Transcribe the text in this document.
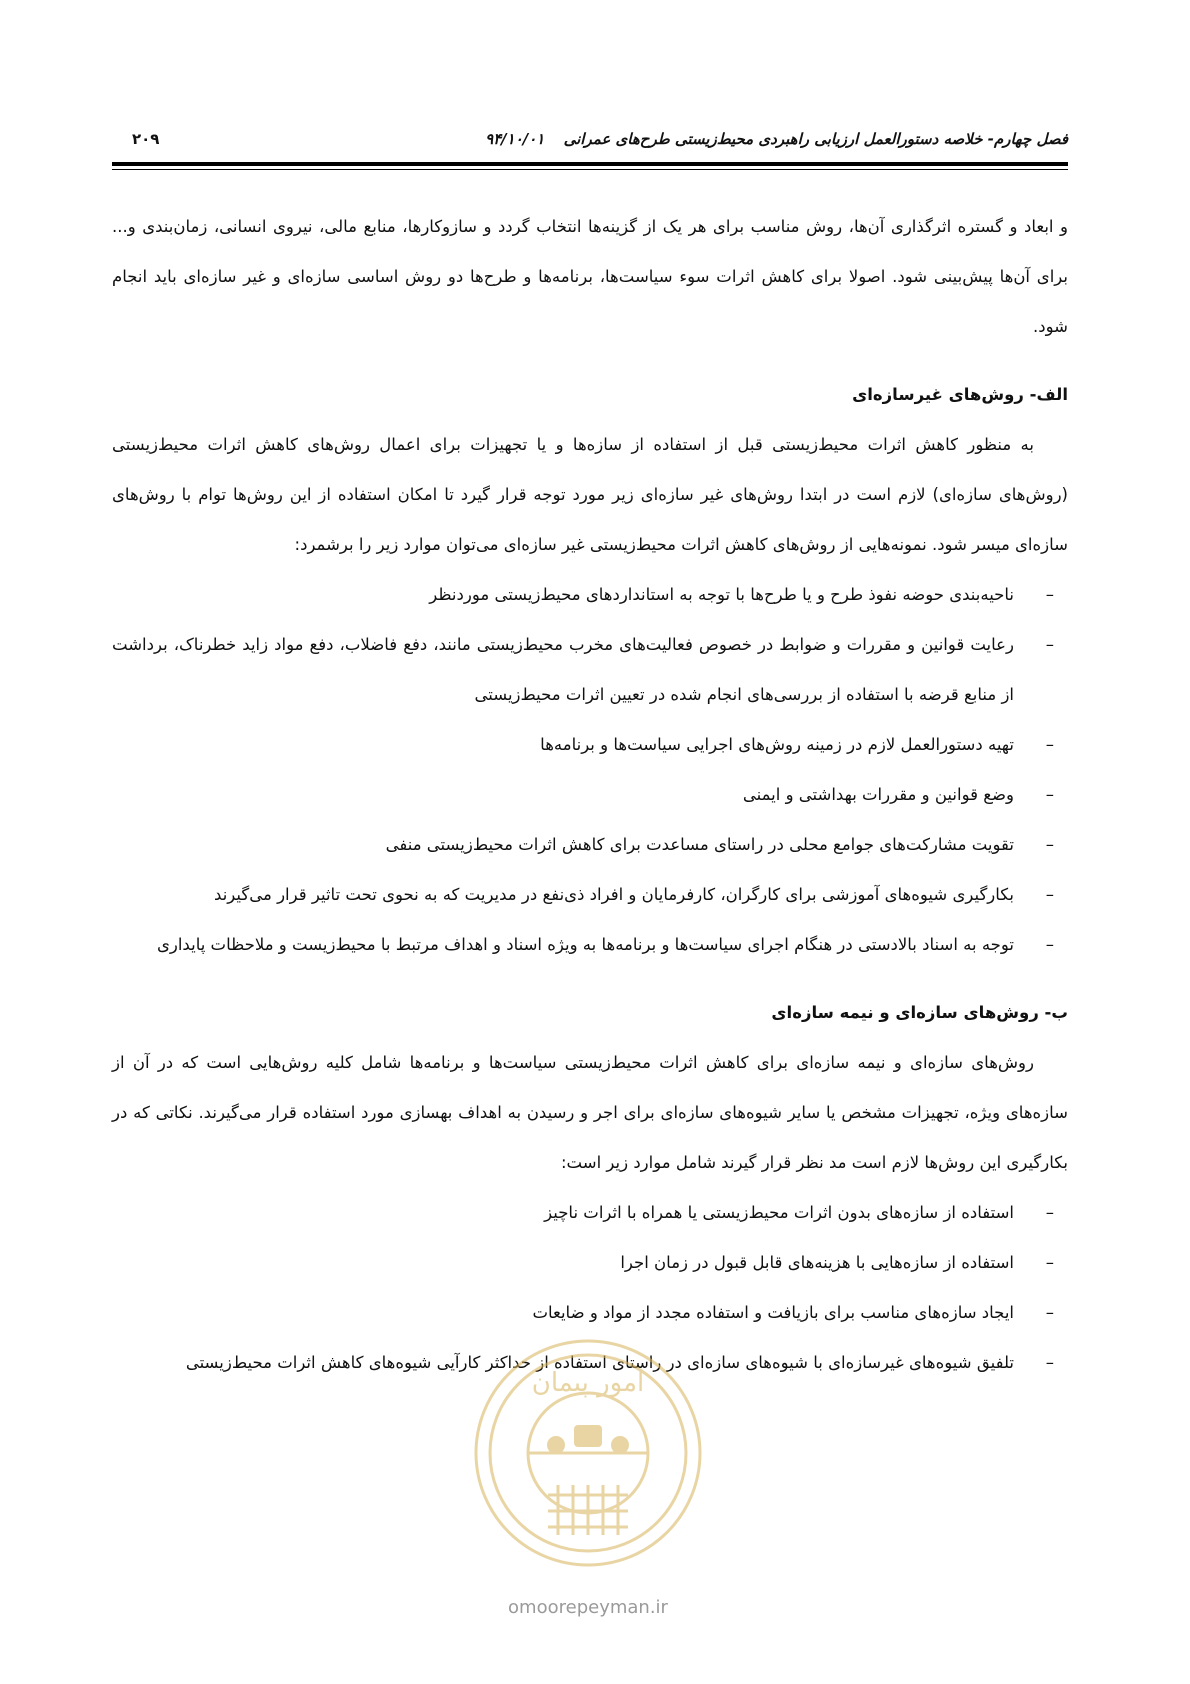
فصل چهارم- خلاصه دستورالعمل ارزیابی راهبردی محیط‌زیستی طرح‌های عمرانی ۹۴/۱۰/۰۱
۲۰۹

و ابعاد و گستره اثرگذاری آن‌ها، روش مناسب برای هر یک از گزینه‌ها انتخاب گردد و سازوکارها، منابع مالی، نیروی انسانی، زمان‌بندی و... برای آن‌ها پیش‌بینی شود. اصولا برای کاهش اثرات سوء سیاست‌ها، برنامه‌ها و طرح‌ها دو روش اساسی سازه‌ای و غیر سازه‌ای باید انجام شود.

الف- روش‌های غیرسازه‌ای

به منظور کاهش اثرات محیط‌زیستی قبل از استفاده از سازه‌ها و یا تجهیزات برای اعمال روش‌های کاهش اثرات محیط‌زیستی (روش‌های سازه‌ای) لازم است در ابتدا روش‌های غیر سازه‌ای زیر مورد توجه قرار گیرد تا امکان استفاده از این روش‌ها توام با روش‌های سازه‌ای میسر شود. نمونه‌هایی از روش‌های کاهش اثرات محیط‌زیستی غیر سازه‌ای می‌توان موارد زیر را برشمرد:

–
ناحیه‌بندی حوضه نفوذ طرح و یا طرح‌ها با توجه به استانداردهای محیط‌زیستی موردنظر
–
رعایت قوانین و مقررات و ضوابط در خصوص فعالیت‌های مخرب محیط‌زیستی مانند، دفع فاضلاب، دفع مواد زاید خطرناک، برداشت از منابع قرضه با استفاده از بررسی‌های انجام شده در تعیین اثرات محیط‌زیستی
–
تهیه دستورالعمل لازم در زمینه روش‌های اجرایی سیاست‌ها و برنامه‌ها
–
وضع قوانین و مقررات بهداشتی و ایمنی
–
تقویت مشارکت‌های جوامع محلی در راستای مساعدت برای کاهش اثرات محیط‌زیستی منفی
–
بکارگیری شیوه‌های آموزشی برای کارگران، کارفرمایان و افراد ذی‌نفع در مدیریت که به نحوی تحت تاثیر قرار می‌گیرند
–
توجه به اسناد بالادستی در هنگام اجرای سیاست‌ها و برنامه‌ها به ویژه اسناد و اهداف مرتبط با محیط‌زیست و ملاحظات پایداری
ب- روش‌های سازه‌ای و نیمه سازه‌ای

روش‌های سازه‌ای و نیمه سازه‌ای برای کاهش اثرات محیط‌زیستی سیاست‌ها و برنامه‌ها شامل کلیه روش‌هایی است که در آن از سازه‌های ویژه، تجهیزات مشخص یا سایر شیوه‌های سازه‌ای برای اجر و رسیدن به اهداف بهسازی مورد استفاده قرار می‌گیرند. نکاتی که در بکارگیری این روش‌ها لازم است مد نظر قرار گیرند شامل موارد زیر است:

–
استفاده از سازه‌های بدون اثرات محیط‌زیستی یا همراه با اثرات ناچیز
–
استفاده از سازه‌هایی با هزینه‌های قابل قبول در زمان اجرا
–
ایجاد سازه‌های مناسب برای بازیافت و استفاده مجدد از مواد و ضایعات
–
تلفیق شیوه‌های غیرسازه‌ای با شیوه‌های سازه‌ای در راستای استفاده از حداکثر کارآیی شیوه‌های کاهش اثرات محیط‌زیستی
امور پیمان
omoorepeyman.ir
